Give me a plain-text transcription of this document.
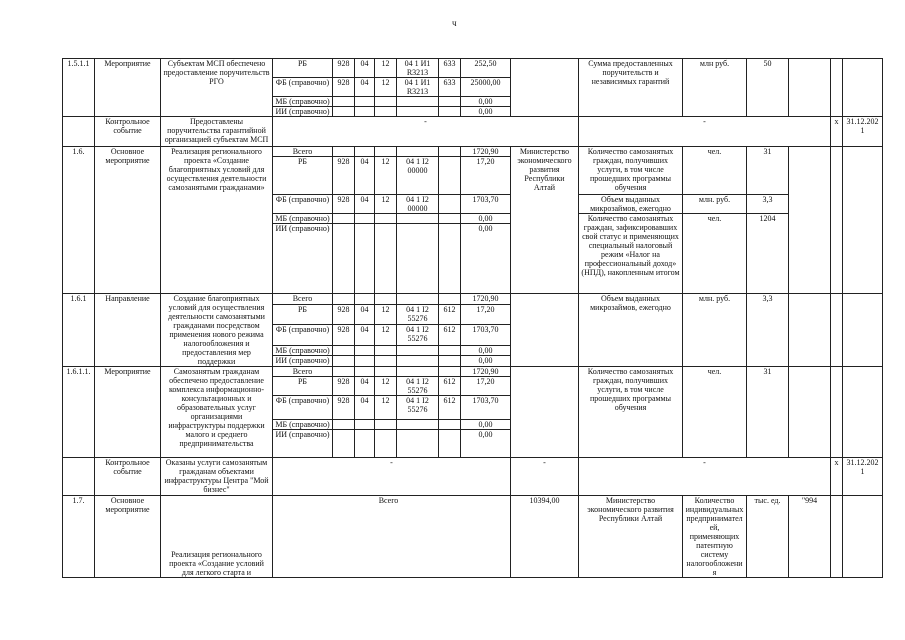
ч
1.5.1.1	Мероприятие	Субъектам МСП обеспечено предоставление поручительств РГО	РБ	928	04	12	04 1 И1 R3213	633	252,50		Сумма предоставленных поручительств и независимых гарантий	млн руб.	50				
			ФБ (справочно)	928	04	12	04 1 И1 R3213	633	25000,00								
			МБ (справочно)						0,00								
			ИИ (справочно)						0,00								
	Контрольное событие	Предоставлены поручительства гарантийной организацией субъектам МСП	-								-				x	31.12.2021	
1.6.	Основное мероприятие	Реализация регионального проекта «Создание благоприятных условий для осуществления деятельности самозанятыми гражданами»	Всего						1720,90	Министерство экономического развития Республики Алтай	Количество самозанятых граждан, получивших услуги, в том числе прошедших программы обучения	чел.	31				
			РБ	928	04	12	04 1 I2 00000		17,20								
			ФБ (справочно)	928	04	12	04 1 I2 00000		1703,70		Объем выданных микрозаймов, ежегодно	млн. руб.	3,3				
			МБ (справочно)						0,00		Количество самозанятых граждан, зафиксировавших свой статус и применяющих специальный налоговый режим «Налог на профессиональный доход» (НПД), накопленным итогом	чел.	1204				
			ИИ (справочно)						0,00								
1.6.1	Направление	Создание благоприятных условий для осуществления деятельности самозанятыми гражданами посредством применения нового режима налогообложения и предоставления мер поддержки	Всего						1720,90		Объем выданных микрозаймов, ежегодно	млн. руб.	3,3				
			РБ	928	04	12	04 1 I2 55276	612	17,20								
			ФБ (справочно)	928	04	12	04 1 I2 55276	612	1703,70								
			МБ (справочно)						0,00								
			ИИ (справочно)						0,00								
1.6.1.1.	Мероприятие	Самозанятым гражданам обеспечено предоставление комплекса информационно-консультационных и образовательных услуг организациями инфраструктуры поддержки малого и среднего предпринимательства	Всего						1720,90		Количество самозанятых граждан, получивших услуги, в том числе прошедших программы обучения	чел.	31				
			РБ	928	04	12	04 1 I2 55276	612	17,20								
			ФБ (справочно)	928	04	12	04 1 I2 55276	612	1703,70								
			МБ (справочно)						0,00								
			ИИ (справочно)						0,00								
	Контрольное событие	Оказаны услуги самозанятым гражданам объектами инфраструктуры Центра "Мой бизнес"	-							-	-				x	31.12.2021	
1.7.	Основное мероприятие	Реализация регионального проекта «Создание условий для легкого старта и	Всего							10394,00	Министерство экономического развития Республики Алтай	Количество индивидуальных предпринимателей, применяющих патентную систему налогообложения	тыс. ед.	"994			
